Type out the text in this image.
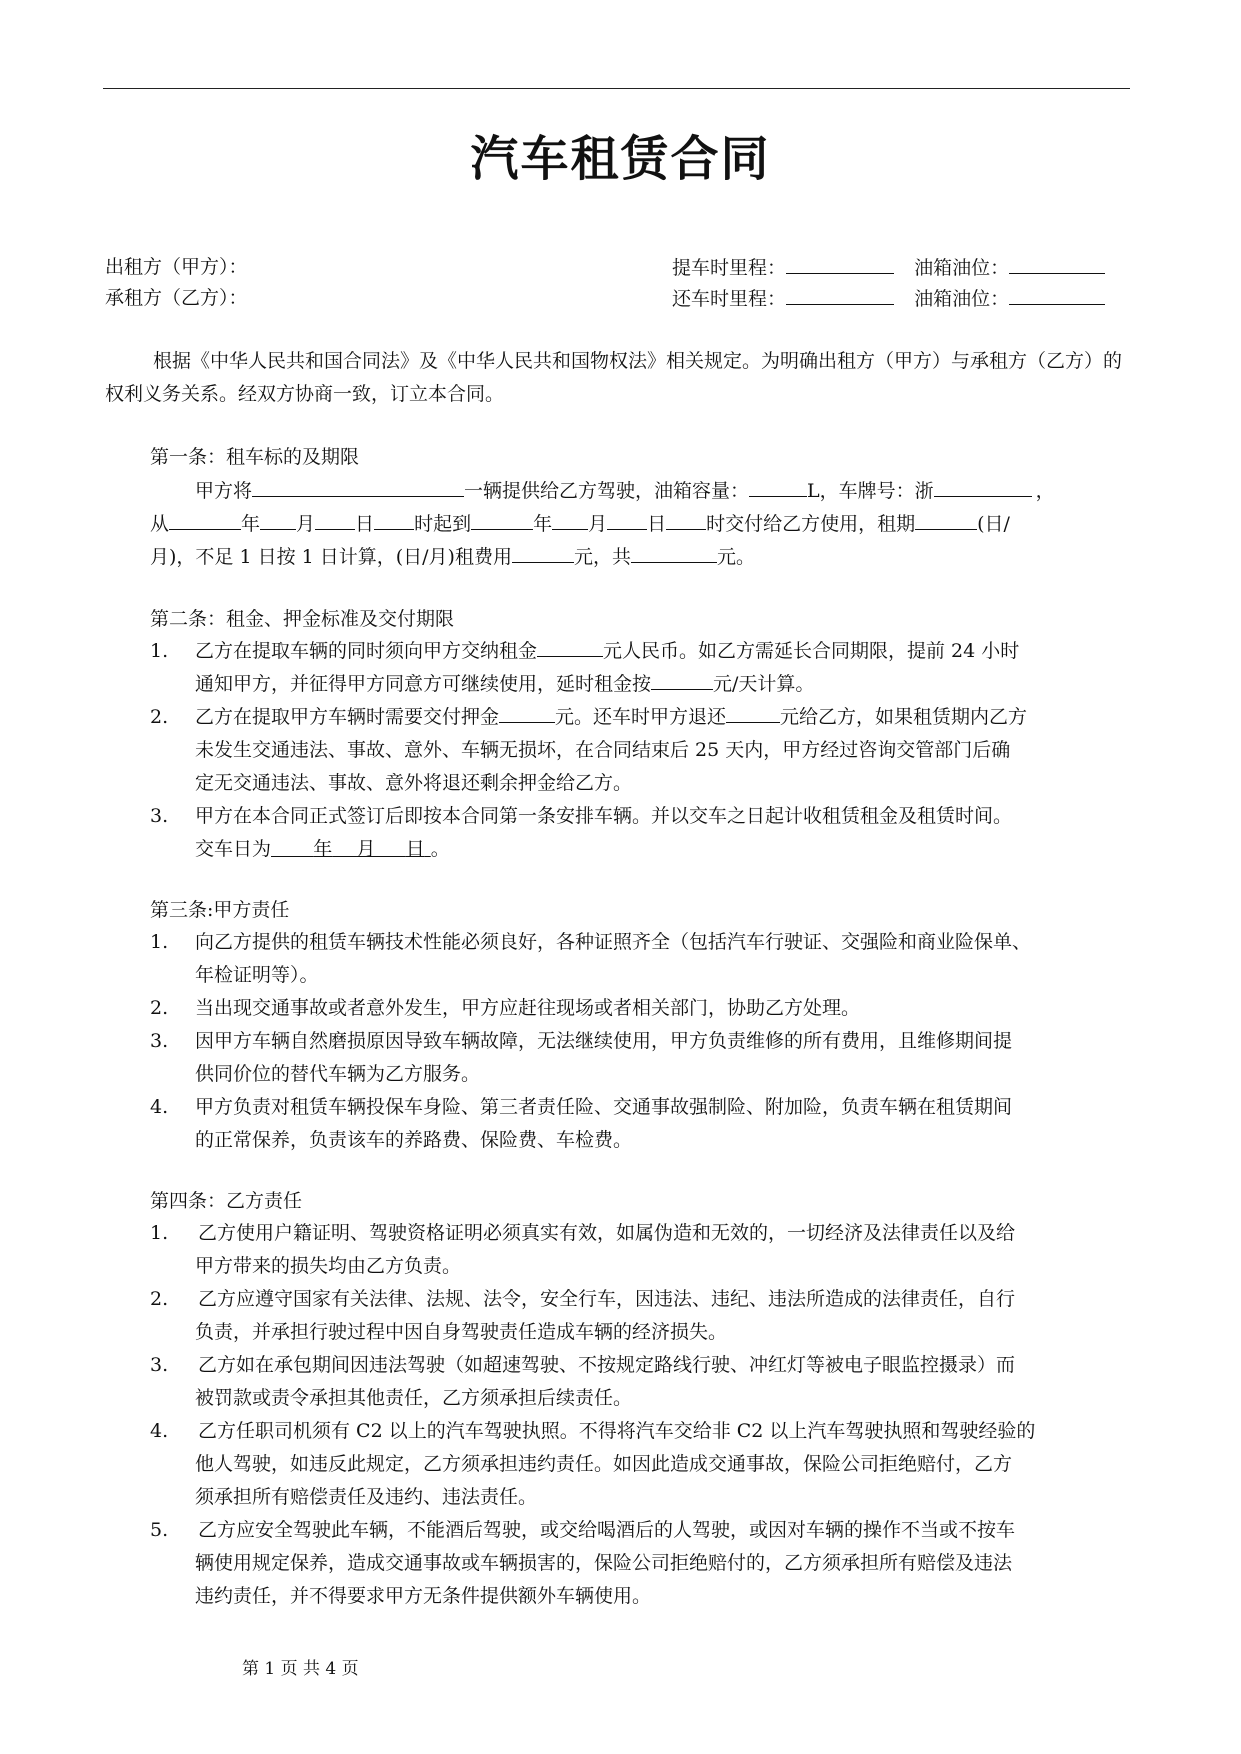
汽车租赁合同
出租方（甲方）：
承租方（乙方）：
提车时里程：	油箱油位：
还车时里程：	油箱油位：
根据《中华人民共和国合同法》及《中华人民共和国物权法》相关规定。为明确出租方（甲方）与承租方（乙方）的权利义务关系。经双方协商一致，订立本合同。
第一条：租车标的及期限
甲方将	一辆提供给乙方驾驶，油箱容量：	L，车牌号：浙	，
从	年 月 日 时起到	年 月 日 时交付给乙方使用，租期	(日/
月)，不足 1 日按 1 日计算，(日/月)租费用	元，共	元。
第二条：租金、押金标准及交付期限
1.	乙方在提取车辆的同时须向甲方交纳租金	元人民币。如乙方需延长合同期限，提前 24 小时
通知甲方，并征得甲方同意方可继续使用，延时租金按	元/天计算。
2.	乙方在提取甲方车辆时需要交付押金	元。还车时甲方退还	元给乙方，如果租赁期内乙方
未发生交通违法、事故、意外、车辆无损坏，在合同结束后 25 天内，甲方经过咨询交管部门后确
定无交通违法、事故、意外将退还剩余押金给乙方。
3.	甲方在本合同正式签订后即按本合同第一条安排车辆。并以交车之日起计收租赁租金及租赁时间。
交车日为 年 月 日 。
第三条:甲方责任
1.	向乙方提供的租赁车辆技术性能必须良好，各种证照齐全（包括汽车行驶证、交强险和商业险保单、
年检证明等）。
2.	当出现交通事故或者意外发生，甲方应赶往现场或者相关部门，协助乙方处理。
3.	因甲方车辆自然磨损原因导致车辆故障，无法继续使用，甲方负责维修的所有费用，且维修期间提
供同价位的替代车辆为乙方服务。
4.	甲方负责对租赁车辆投保车身险、第三者责任险、交通事故强制险、附加险，负责车辆在租赁期间
的正常保养，负责该车的养路费、保险费、车检费。
第四条：乙方责任
1.	乙方使用户籍证明、驾驶资格证明必须真实有效，如属伪造和无效的，一切经济及法律责任以及给
甲方带来的损失均由乙方负责。
2.	乙方应遵守国家有关法律、法规、法令，安全行车，因违法、违纪、违法所造成的法律责任，自行
负责，并承担行驶过程中因自身驾驶责任造成车辆的经济损失。
3.	乙方如在承包期间因违法驾驶（如超速驾驶、不按规定路线行驶、冲红灯等被电子眼监控摄录）而
被罚款或责令承担其他责任，乙方须承担后续责任。
4.	乙方任职司机须有 C2 以上的汽车驾驶执照。不得将汽车交给非 C2 以上汽车驾驶执照和驾驶经验的
他人驾驶，如违反此规定，乙方须承担违约责任。如因此造成交通事故，保险公司拒绝赔付，乙方
须承担所有赔偿责任及违约、违法责任。
5.	乙方应安全驾驶此车辆，不能酒后驾驶，或交给喝酒后的人驾驶，或因对车辆的操作不当或不按车
辆使用规定保养，造成交通事故或车辆损害的，保险公司拒绝赔付的，乙方须承担所有赔偿及违法
违约责任，并不得要求甲方无条件提供额外车辆使用。
第 1 页 共 4 页
